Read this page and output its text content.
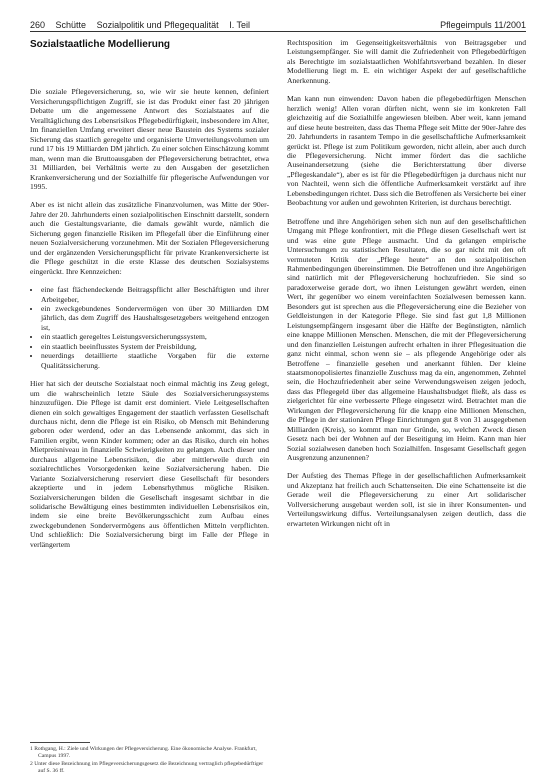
260 Schütte Sozialpolitik und Pflegequalität I. Teil	Pflegeimpuls 11/2001
Sozialstaatliche Modellierung

Die soziale Pflegeversicherung, so, wie wir sie heute kennen, definiert Versicherungspflichtigen Zugriff, sie ist das Produkt einer fast 20 jährigen Debatte um die angemessene Antwort des Sozialstaates auf die Veralltäglichung des Lebensrisikos Pflegebedürftigkeit, insbesondere im Alter, Im finanziellen Umfang erweitert dieser neue Baustein des Systems sozialer Sicherung das staatlich geregelte und organisierte Umverteilungsvolumen um rund 17 bis 19 Milliarden DM jährlich. Zu einer solchen Einschätzung kommt man, wenn man die Bruttoausgaben der Pflegeversicherung betrachtet, etwa 31 Milliarden, bei Verhältnis werte zu den Ausgaben der gesetzlichen Krankenversicherung und der Sozialhilfe für pflegerische Aufwendungen vor 1995.

Aber es ist nicht allein das zusätzliche Finanzvolumen, was Mitte der 90er-Jahre der 20. Jahrhunderts einen sozialpolitischen Einschnitt darstellt, sondern auch die Gestaltungsvariante, die damals gewählt wurde, nämlich die Sicherung gegen finanzielle Risiken im Pflegefall über die Einführung einer neuen Sozialversicherung vorzunehmen. Mit der Sozialen Pflegeversicherung und der ergänzenden Versicherungspflicht für private Krankenversicherte ist die Pflege geschützt in die erste Klasse des deutschen Sozialsystems eingerückt. Ihre Kennzeichen:

• eine fast flächendeckende Beitragspflicht aller Beschäftigten und ihrer Arbeitgeber,
• ein zweckgebundenes Sondervermögen von über 30 Milliarden DM jährlich, das dem Zugriff des Haushaltsgesetzgebers weitgehend entzogen ist,
• ein staatlich geregeltes Leistungsversicherungssystem,
• ein staatlich beeinflusstes System der Preisbildung,
• neuerdings detaillierte staatliche Vorgaben für die externe Qualitätssicherung.

Hier hat sich der deutsche Sozialstaat noch einmal mächtig ins Zeug gelegt, um die wahrscheinlich letzte Säule des Sozialversicherungssystems hinzuzufügen. Die Pflege ist damit erst dominiert. Viele Leitgesellschaften dienen ein solch gewaltiges Engagement der staatlich verfassten Gesellschaft durchaus nicht, denn die Pflege ist ein Risiko, ob Mensch mit Behinderung geboren oder werdend, oder an das Lebensende ankommt, das sich in Familien ergibt, wenn Kinder kommen; oder an das Risiko, durch ein hohes Mietpreisniveau in finanzielle Schwierigkeiten zu gelangen. Auch dieser und durchaus allgemeine Lebensrisiken, die aber mittlerweile durch ein sozialrechtliches Vorsorgedenken keine Sozialversicherung haben. Die Variante Sozialversicherung reserviert diese Gesellschaft für besonders akzeptierte und in jedem Lebensrhythmus mögliche Risiken. Sozialversicherungen bilden die Gesellschaft insgesamt sichtbar in die solidarische Bewältigung eines bestimmten individuellen Lebensrisikos ein, indem sie eine breite Bevölkerungsschicht zum Aufbau eines zweckgebundenen Sondervermögens aus öffentlichen Mitteln verpflichten. Und schließlich: Die Sozialversicherung birgt im Falle der Pflege in verlängertem

Rechtsposition im Gegenseitigkeitsverhältnis von Beitragsgeber und Leistungsempfänger. Sie will damit die Zufriedenheit von Pflegebedürftigen als Berechtigte im sozialstaatlichen Wohlfahrtsverband bezahlen. In dieser Modellierung liegt m. E. ein wichtiger Aspekt der auf gesellschaftliche Anerkennung.

Man kann nun einwenden: Davon haben die pflegebedürftigen Menschen herzlich wenig! Allen voran dürften nicht, wenn sie im konkreten Fall gleichzeitig auf die Sozialhilfe angewiesen bleiben. Aber weit, kann jemand auf diese heute bestreiten, dass das Thema Pflege seit Mitte der 90er-Jahre des 20. Jahrhunderts in rasantem Tempo in die gesellschaftliche Aufmerksamkeit gerückt ist. Pflege ist zum Politikum geworden, nicht allein, aber auch durch die Pflegeversicherung. Nicht immer fördert das die sachliche Auseinandersetzung (siehe die Berichterstattung über diverse „Pflegeskandale“), aber es ist für die Pflegebedürftigen ja durchaus nicht nur von Nachteil, wenn sich die öffentliche Aufmerksamkeit verstärkt auf ihre Lebensbedingungen richtet. Dass sich die Betroffenen als Versicherte bei einer Beobachtung vor außen und gewohnten Kriterien, ist durchaus berechtigt.

Betroffene und ihre Angehörigen sehen sich nun auf den gesellschaftlichen Umgang mit Pflege konfrontiert, mit die Pflege diesen Gesellschaft wert ist und was eine gute Pflege ausmacht. Und da gelangen empirische Untersuchungen zu statistischen Resultaten, die so gar nicht mit den oft vermuteten Kritik der „Pflege heute“ an den sozialpolitischen Rahmenbedingungen übereinstimmen. Die Betroffenen und ihre Angehörigen sind natürlich mit der Pflegeversicherung hochzufrieden. Sie sind so paradoxerweise gerade dort, wo ihnen Leistungen gewährt werden, einen Wert, ihr gegenüber wo einem vereinfachten Sozialwesen bemessen kann. Besonders gut ist sprechen aus die Pflegeversicherung eine die Bezieher von Geldleistungen in der Kategorie Pflege. Sie sind fast gut 1,8 Millionen Leistungsempfängern insgesamt über die Hälfte der Begünstigten, nämlich eine knappe Millionen Menschen. Menschen, die mit der Pflegeversicherung und den finanziellen Leistungen aufrecht erhalten in ihrer Pflegesituation die ganz nicht einmal, schon wenn sie – als pflegende Angehörige oder als Betroffene – finanzielle gesehen und anerkannt fühlen. Der kleine staatsmonopolisiertes finanzielle Zuschuss mag da ein, angenommen, Zehntel sein, die Hochzufriedenheit aber seine Verwendungsweisen zeigen jedoch, dass das Pflegegeld über das allgemeine Haushaltsbudget fließt, als dass es zielgerichtet für eine verbesserte Pflege eingesetzt wird. Betrachtet man die Wirkungen der Pflegeversicherung für die knapp eine Millionen Menschen, die Pflege in der stationären Pflege Einrichtungen gut 8 von 31 ausgegebenen Milliarden (Kreis), so kommt man nur Gründe, so, welchen Zweck diesen Gesetz nach bei der Wohnen auf der Beseitigung im Heim. Kann man hier Sozial sozialwesen daneben hoch Sozialhilfen. Insgesamt Gesellschaft gegen Ausgrenzung anzunennen?

Der Aufstieg des Themas Pflege in der gesellschaftlichen Aufmerksamkeit und Akzeptanz hat freilich auch Schattenseiten. Die eine Schattenseite ist die Gerade weil die Pflegeversicherung zu einer Art solidarischer Vollversicherung ausgebaut werden soll, ist sie in ihrer Konsumenten- und Verteilungswirkung diffus. Verteilungsanalysen zeigen deutlich, dass die erwarteten Wirkungen nicht oft in

1 Rothgang, H.: Ziele und Wirkungen der Pflegeversicherung. Eine ökonomische Analyse. Frankfurt, Campus 1997.

2 Unter diese Bezeichnung im Pflegeversicherungsgesetz die Bezeichnung vertraglich pflegebedürftiger auf S. 36 ff.
